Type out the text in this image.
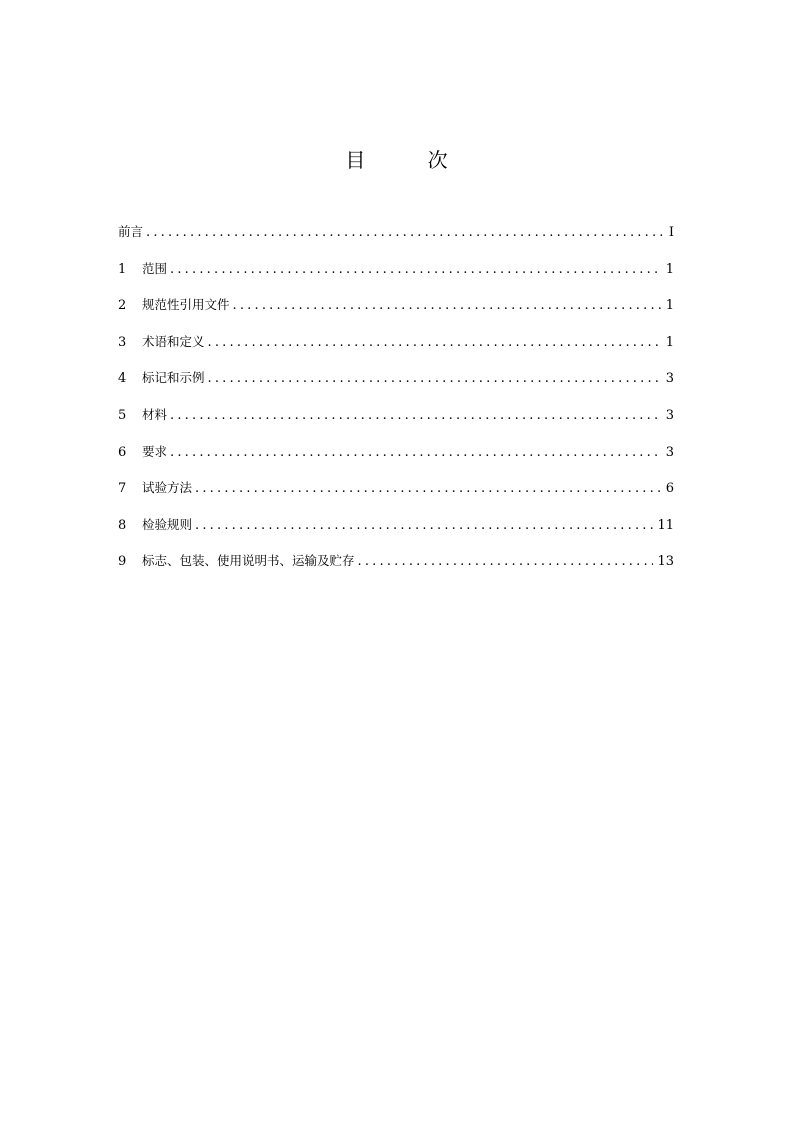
目 次
前言 .....	I
1	范围 .....	1
2	规范性引用文件 .....	1
3	术语和定义 .....	1
4	标记和示例 .....	3
5	材料 .....	3
6	要求 .....	3
7	试验方法 .....	6
8	检验规则 .....	11
9	标志、包装、使用说明书、运输及贮存 .....	13
